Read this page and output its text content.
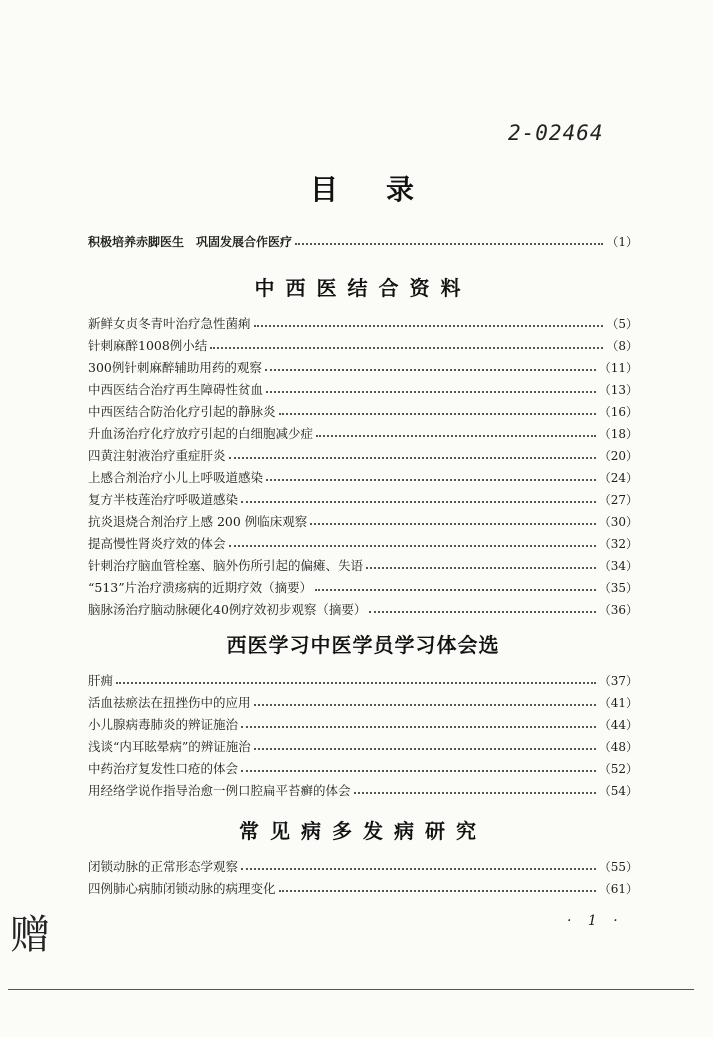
2-02464
目录
积极培养赤脚医生　巩固发展合作医疗	（1）
中西医结合资料
新鲜女贞冬青叶治疗急性菌痢	（5）
针刺麻醉1008例小结	（8）
300例针刺麻醉辅助用药的观察	（11）
中西医结合治疗再生障碍性贫血	（13）
中西医结合防治化疗引起的静脉炎	（16）
升血汤治疗化疗放疗引起的白细胞减少症	（18）
四黄注射液治疗重症肝炎	（20）
上感合剂治疗小儿上呼吸道感染	（24）
复方半枝莲治疗呼吸道感染	（27）
抗炎退烧合剂治疗上感 200 例临床观察	（30）
提高慢性肾炎疗效的体会	（32）
针刺治疗脑血管栓塞、脑外伤所引起的偏瘫、失语	（34）
“513”片治疗溃疡病的近期疗效（摘要）	（35）
脑脉汤治疗脑动脉硬化40例疗效初步观察（摘要）	（36）
西医学习中医学员学习体会选
肝痈	（37）
活血祛瘀法在扭挫伤中的应用	（41）
小儿腺病毒肺炎的辨证施治	（44）
浅谈“内耳眩晕病”的辨证施治	（48）
中药治疗复发性口疮的体会	（52）
用经络学说作指导治愈一例口腔扁平苔癣的体会	（54）
常见病多发病研究
闭锁动脉的正常形态学观察	（55）
四例肺心病肺闭锁动脉的病理变化	（61）
· 1 ·
赠
